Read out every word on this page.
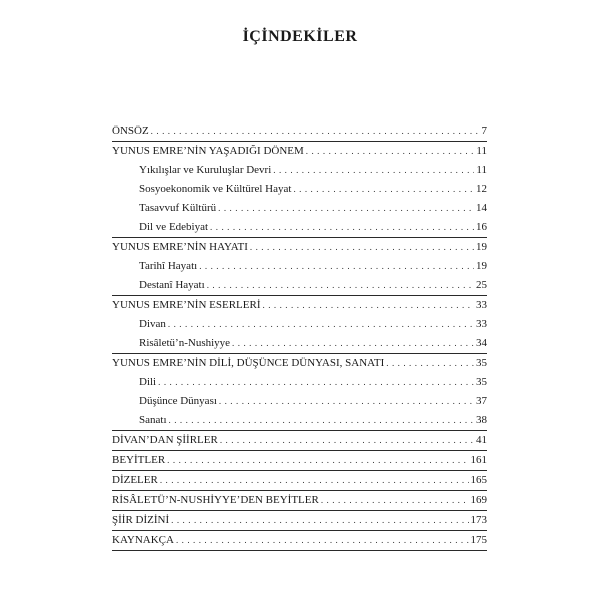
İÇİNDEKİLER
ÖNSÖZ . . .	7
YUNUS EMRE’NİN YAŞADIĞI DÖNEM . . .	11
Yıkılışlar ve Kuruluşlar Devri . . .	11
Sosyoekonomik ve Kültürel Hayat . . .	12
Tasavvuf Kültürü . . .	14
Dil ve Edebiyat . . .	16
YUNUS EMRE’NİN HAYATI . . .	19
Tarihî Hayatı . . .	19
Destanî Hayatı . . .	25
YUNUS EMRE’NİN ESERLERİ . . .	33
Divan . . .	33
Risâletü’n-Nushiyye . . .	34
YUNUS EMRE’NİN DİLİ, DÜŞÜNCE DÜNYASI, SANATI . . .	35
Dili . . .	35
Düşünce Dünyası . . .	37
Sanatı . . .	38
DİVAN’DAN ŞİİRLER . . .	41
BEYİTLER . . .	161
DİZELER . . .	165
RİSÂLETÜ’N-NUSHİYYE’DEN BEYİTLER . . .	169
ŞİİR DİZİNİ . . .	173
KAYNAKÇA . . .	175
